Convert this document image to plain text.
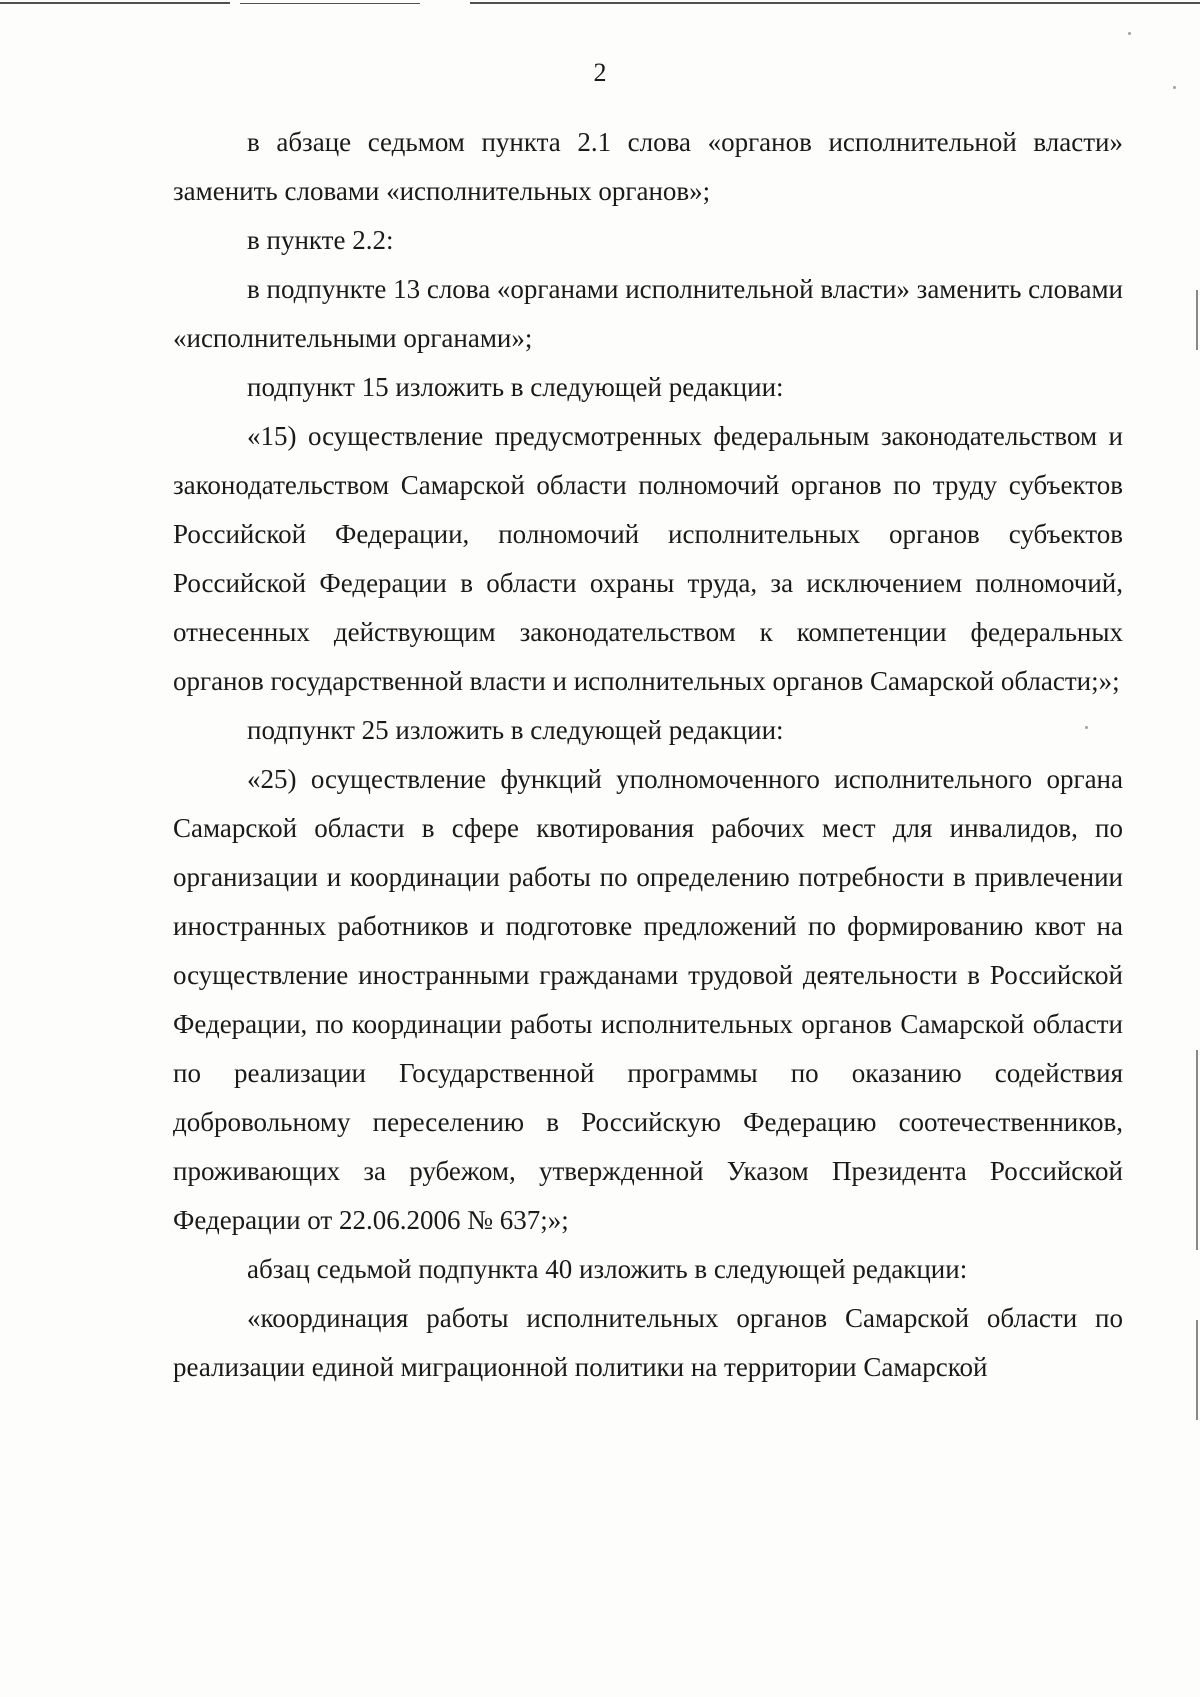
2

в абзаце седьмом пункта 2.1 слова «органов исполнительной власти» заменить словами «исполнительных органов»;

в пункте 2.2:

в подпункте 13 слова «органами исполнительной власти» заменить словами «исполнительными органами»;

подпункт 15 изложить в следующей редакции:

«15) осуществление предусмотренных федеральным законодательством и законодательством Самарской области полномочий органов по труду субъектов Российской Федерации, полномочий исполнительных органов субъектов Российской Федерации в области охраны труда, за исключением полномочий, отнесенных действующим законодательством к компетенции федеральных органов государственной власти и исполнительных органов Самарской области;»;

подпункт 25 изложить в следующей редакции:

«25) осуществление функций уполномоченного исполнительного органа Самарской области в сфере квотирования рабочих мест для инвалидов, по организации и координации работы по определению потребности в привлечении иностранных работников и подготовке предложений по формированию квот на осуществление иностранными гражданами трудовой деятельности в Российской Федерации, по координации работы исполнительных органов Самарской области по реализации Государственной программы по оказанию содействия добровольному переселению в Российскую Федерацию соотечественников, проживающих за рубежом, утвержденной Указом Президента Российской Федерации от 22.06.2006 № 637;»;

абзац седьмой подпункта 40 изложить в следующей редакции:

«координация работы исполнительных органов Самарской области по реализации единой миграционной политики на территории Самарской
